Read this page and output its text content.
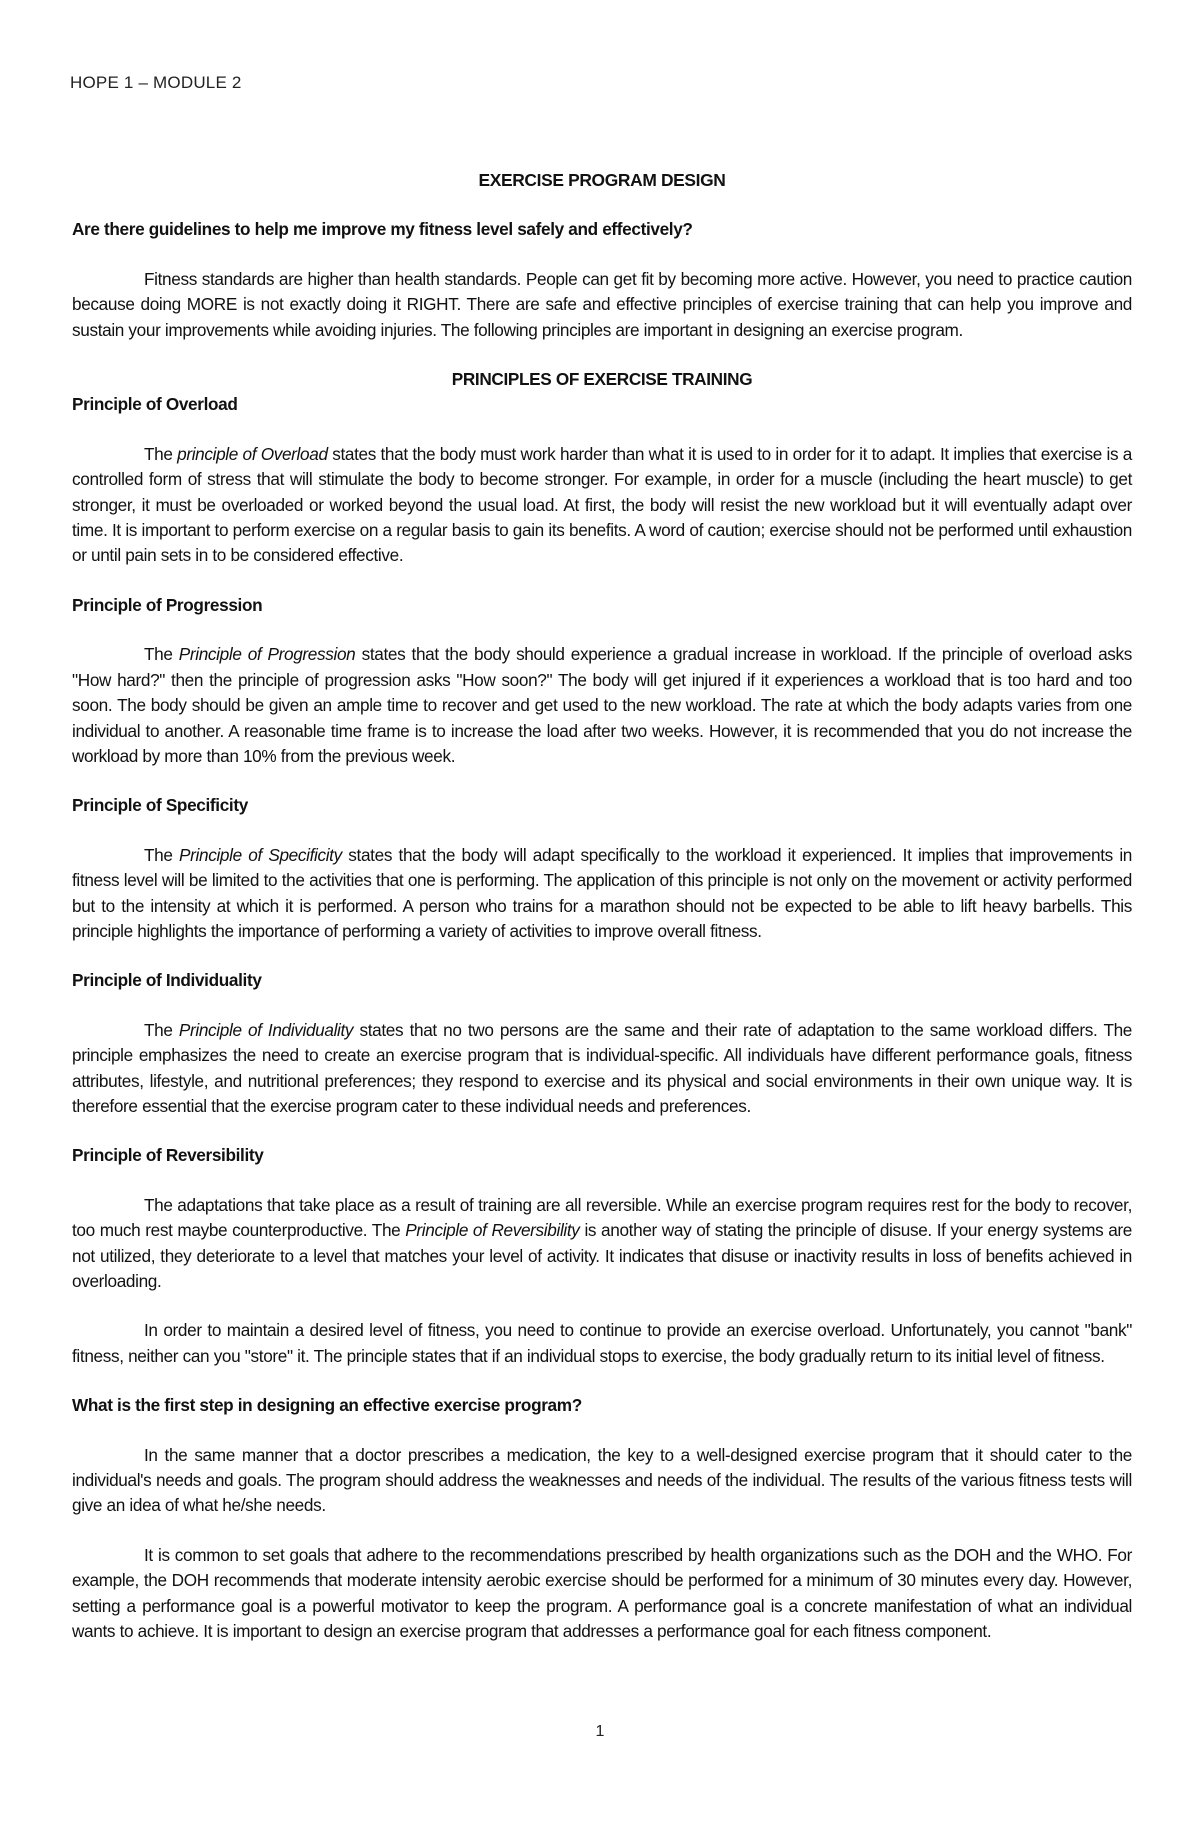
HOPE 1 – MODULE 2
EXERCISE PROGRAM DESIGN
Are there guidelines to help me improve my fitness level safely and effectively?

Fitness standards are higher than health standards. People can get fit by becoming more active. However, you need to practice caution because doing MORE is not exactly doing it RIGHT. There are safe and effective principles of exercise training that can help you improve and sustain your improvements while avoiding injuries. The following principles are important in designing an exercise program.

PRINCIPLES OF EXERCISE TRAINING
Principle of Overload

The principle of Overload states that the body must work harder than what it is used to in order for it to adapt. It implies that exercise is a controlled form of stress that will stimulate the body to become stronger. For example, in order for a muscle (including the heart muscle) to get stronger, it must be overloaded or worked beyond the usual load. At first, the body will resist the new workload but it will eventually adapt over time. It is important to perform exercise on a regular basis to gain its benefits. A word of caution; exercise should not be performed until exhaustion or until pain sets in to be considered effective.

Principle of Progression

The Principle of Progression states that the body should experience a gradual increase in workload. If the principle of overload asks "How hard?" then the principle of progression asks "How soon?" The body will get injured if it experiences a workload that is too hard and too soon. The body should be given an ample time to recover and get used to the new workload. The rate at which the body adapts varies from one individual to another. A reasonable time frame is to increase the load after two weeks. However, it is recommended that you do not increase the workload by more than 10% from the previous week.

Principle of Specificity

The Principle of Specificity states that the body will adapt specifically to the workload it experienced. It implies that improvements in fitness level will be limited to the activities that one is performing. The application of this principle is not only on the movement or activity performed but to the intensity at which it is performed. A person who trains for a marathon should not be expected to be able to lift heavy barbells. This principle highlights the importance of performing a variety of activities to improve overall fitness.

Principle of Individuality

The Principle of Individuality states that no two persons are the same and their rate of adaptation to the same workload differs. The principle emphasizes the need to create an exercise program that is individual-specific. All individuals have different performance goals, fitness attributes, lifestyle, and nutritional preferences; they respond to exercise and its physical and social environments in their own unique way. It is therefore essential that the exercise program cater to these individual needs and preferences.

Principle of Reversibility

The adaptations that take place as a result of training are all reversible. While an exercise program requires rest for the body to recover, too much rest maybe counterproductive. The Principle of Reversibility is another way of stating the principle of disuse. If your energy systems are not utilized, they deteriorate to a level that matches your level of activity. It indicates that disuse or inactivity results in loss of benefits achieved in overloading.

In order to maintain a desired level of fitness, you need to continue to provide an exercise overload. Unfortunately, you cannot "bank" fitness, neither can you "store" it. The principle states that if an individual stops to exercise, the body gradually return to its initial level of fitness.

What is the first step in designing an effective exercise program?

In the same manner that a doctor prescribes a medication, the key to a well-designed exercise program that it should cater to the individual's needs and goals. The program should address the weaknesses and needs of the individual. The results of the various fitness tests will give an idea of what he/she needs.

It is common to set goals that adhere to the recommendations prescribed by health organizations such as the DOH and the WHO. For example, the DOH recommends that moderate intensity aerobic exercise should be performed for a minimum of 30 minutes every day. However, setting a performance goal is a powerful motivator to keep the program. A performance goal is a concrete manifestation of what an individual wants to achieve. It is important to design an exercise program that addresses a performance goal for each fitness component.

1
